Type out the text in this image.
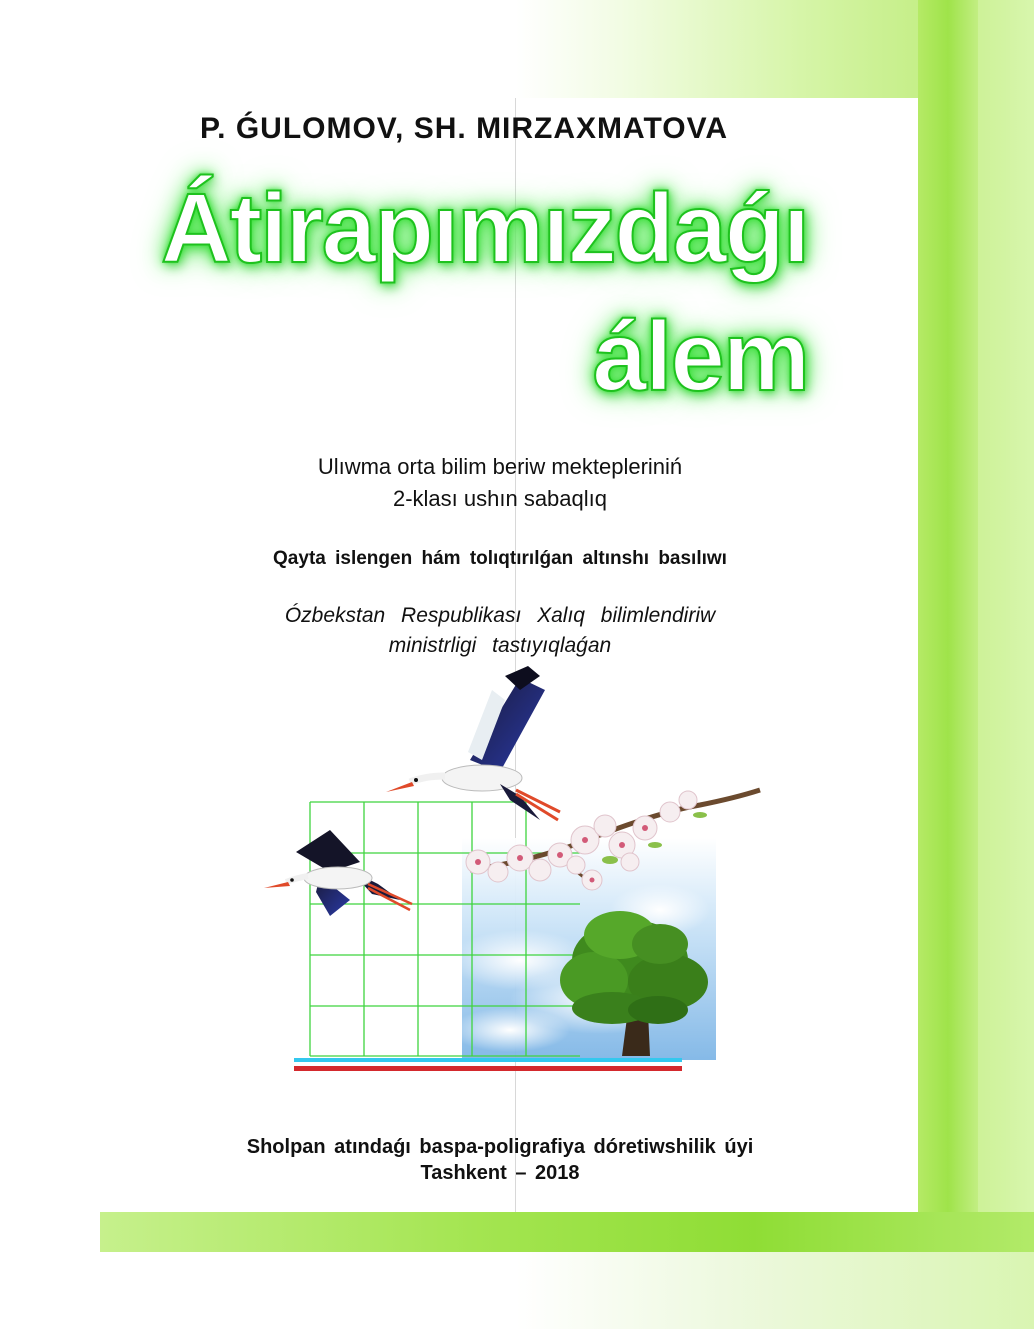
P. ǴULOMOV, SH. MIRZAXMATOVA
Átirapımızdaǵı
álem
Ulıwma orta bilim beriw mektepleriniń
2-klası ushın sabaqlıq
Qayta islengen hám tolıqtırılǵan altınshı basılıwı
Ózbekstan Respublikası Xalıq bilimlendiriw
ministrligi tastıyıqlaǵan
Sholpan atındaǵı baspa-poligrafiya dóretiwshilik úyi
Tashkent – 2018
